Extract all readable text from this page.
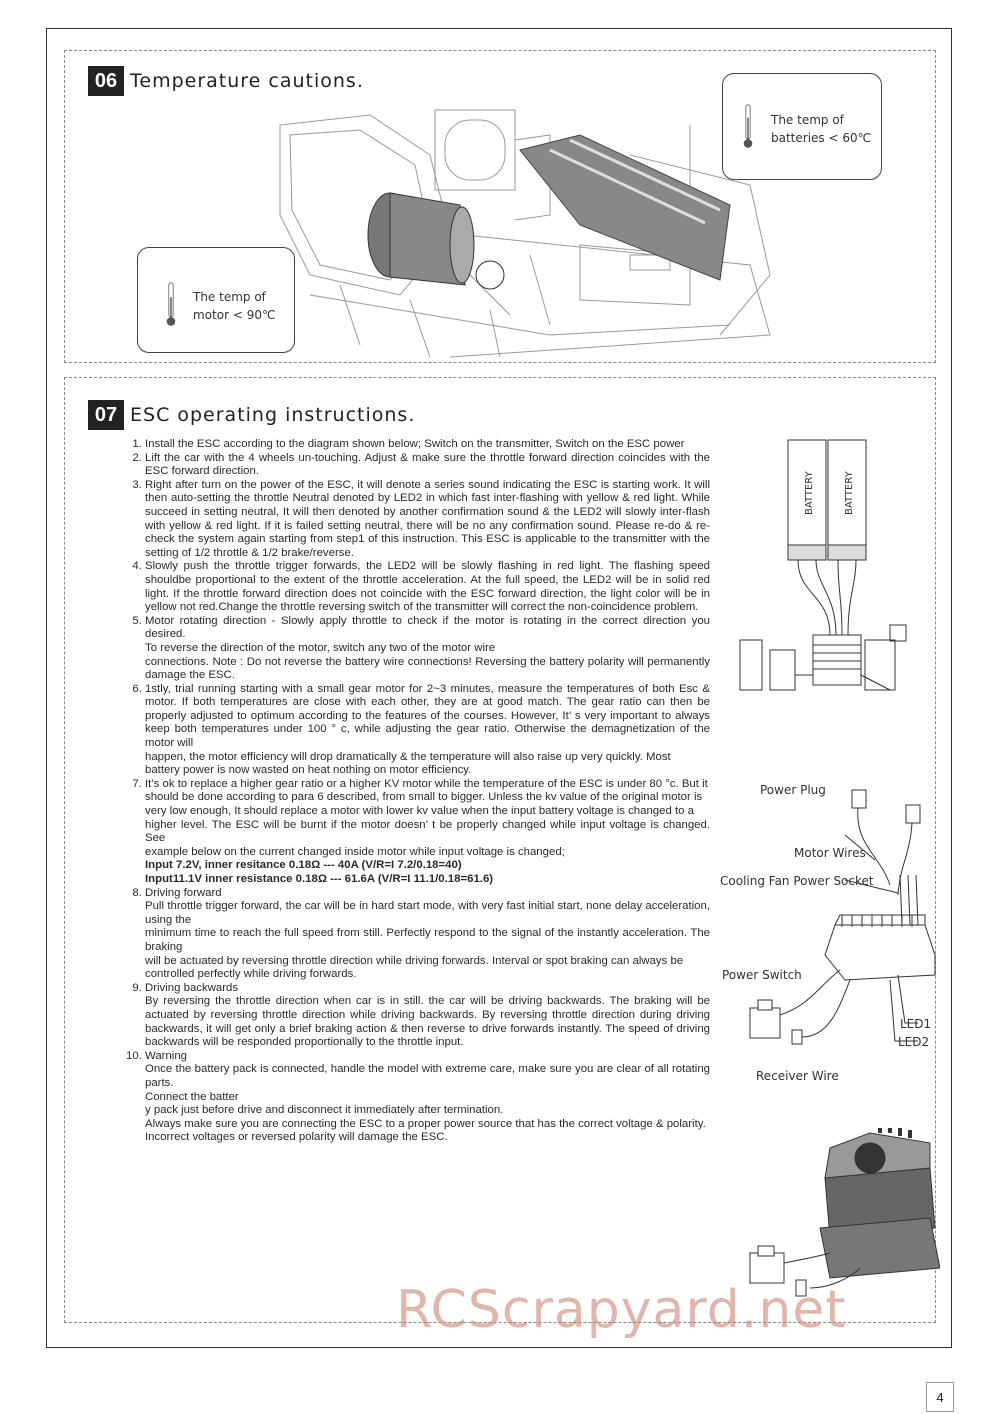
06 Temperature cautions.
The temp of
batteries < 60℃
The temp of
motor < 90℃
07 ESC operating instructions.
1. Install the ESC according to the diagram shown below; Switch on the transmitter, Switch on the ESC power
2. Lift the car with the 4 wheels un-touching. Adjust & make sure the throttle forward direction coincides with the ESC forward direction.
3. Right after turn on the power of the ESC, it will denote a series sound indicating the ESC is starting work. It will then auto-setting the throttle Neutral denoted by LED2 in which fast inter-flashing with yellow & red light. While succeed in setting neutral, It will then denoted by another confirmation sound & the LED2 will slowly inter-flash with yellow & red light. If it is failed setting neutral, there will be no any confirmation sound. Please re-do & re-check the system again starting from step1 of this instruction. This ESC is applicable to the transmitter with the setting of 1/2 throttle & 1/2 brake/reverse.
4. Slowly push the throttle trigger forwards, the LED2 will be slowly flashing in red light. The flashing speed shouldbe proportional to the extent of the throttle acceleration. At the full speed, the LED2 will be in solid red light. If the throttle forward direction does not coincide with the ESC forward direction, the light color will be in yellow not red.Change the throttle reversing switch of the transmitter will correct the non-coincidence problem.
5. Motor rotating direction - Slowly apply throttle to check if the motor is rotating in the correct direction you desired.
To reverse the direction of the motor, switch any two of the motor wire
connections. Note : Do not reverse the battery wire connections! Reversing the battery polarity will permanently damage the ESC.
6. 1stly, trial running starting with a small gear motor for 2~3 minutes, measure the temperatures of both Esc & motor. If both temperatures are close with each other, they are at good match. The gear ratio can then be properly adjusted to optimum according to the features of the courses. However, It’ s very important to always keep both temperatures under 100 ° c, while adjusting the gear ratio. Otherwise the demagnetization of the motor will
happen, the motor efficiency will drop dramatically & the temperature will also raise up very quickly. Most
battery power is now wasted on heat nothing on motor efficiency.
7. It’s ok to replace a higher gear ratio or a higher KV motor while the temperature of the ESC is under 80 °c. But it
should be done according to para 6 described, from small to bigger. Unless the kv value of the original motor is
very low enough, It should replace a motor with lower kv value when the input battery voltage is changed to a
higher level. The ESC will be burnt if the motor doesn’ t be properly changed while input voltage is changed. See
example below on the current changed inside motor while input voltage is changed;
Input 7.2V, inner resitance 0.18Ω --- 40A (V/R=I 7.2/0.18=40)
Input11.1V inner resistance 0.18Ω --- 61.6A (V/R=I 11.1/0.18=61.6)
8. Driving forward
Pull throttle trigger forward, the car will be in hard start mode, with very fast initial start, none delay acceleration, using the
minimum time to reach the full speed from still. Perfectly respond to the signal of the instantly acceleration. The braking
will be actuated by reversing throttle direction while driving forwards. Interval or spot braking can always be
controlled perfectly while driving forwards.
9. Driving backwards
By reversing the throttle direction when car is in still. the car will be driving backwards. The braking will be actuated by reversing throttle direction while driving backwards. By reversing throttle direction during driving backwards, it will get only a brief braking action & then reverse to drive forwards instantly. The speed of driving backwards will be responded proportionally to the throttle input.
10. Warning
Once the battery pack is connected, handle the model with extreme care, make sure you are clear of all rotating parts.
Connect the batter
y pack just before drive and disconnect it immediately after termination.
Always make sure you are connecting the ESC to a proper power source that has the correct voltage & polarity.
Incorrect voltages or reversed polarity will damage the ESC.
BATTERY	BATTERY
Power Plug
Motor Wires
Cooling Fan Power Socket
Power Switch
LED1
LED2
Receiver Wire
RCScrapyard.net
4
